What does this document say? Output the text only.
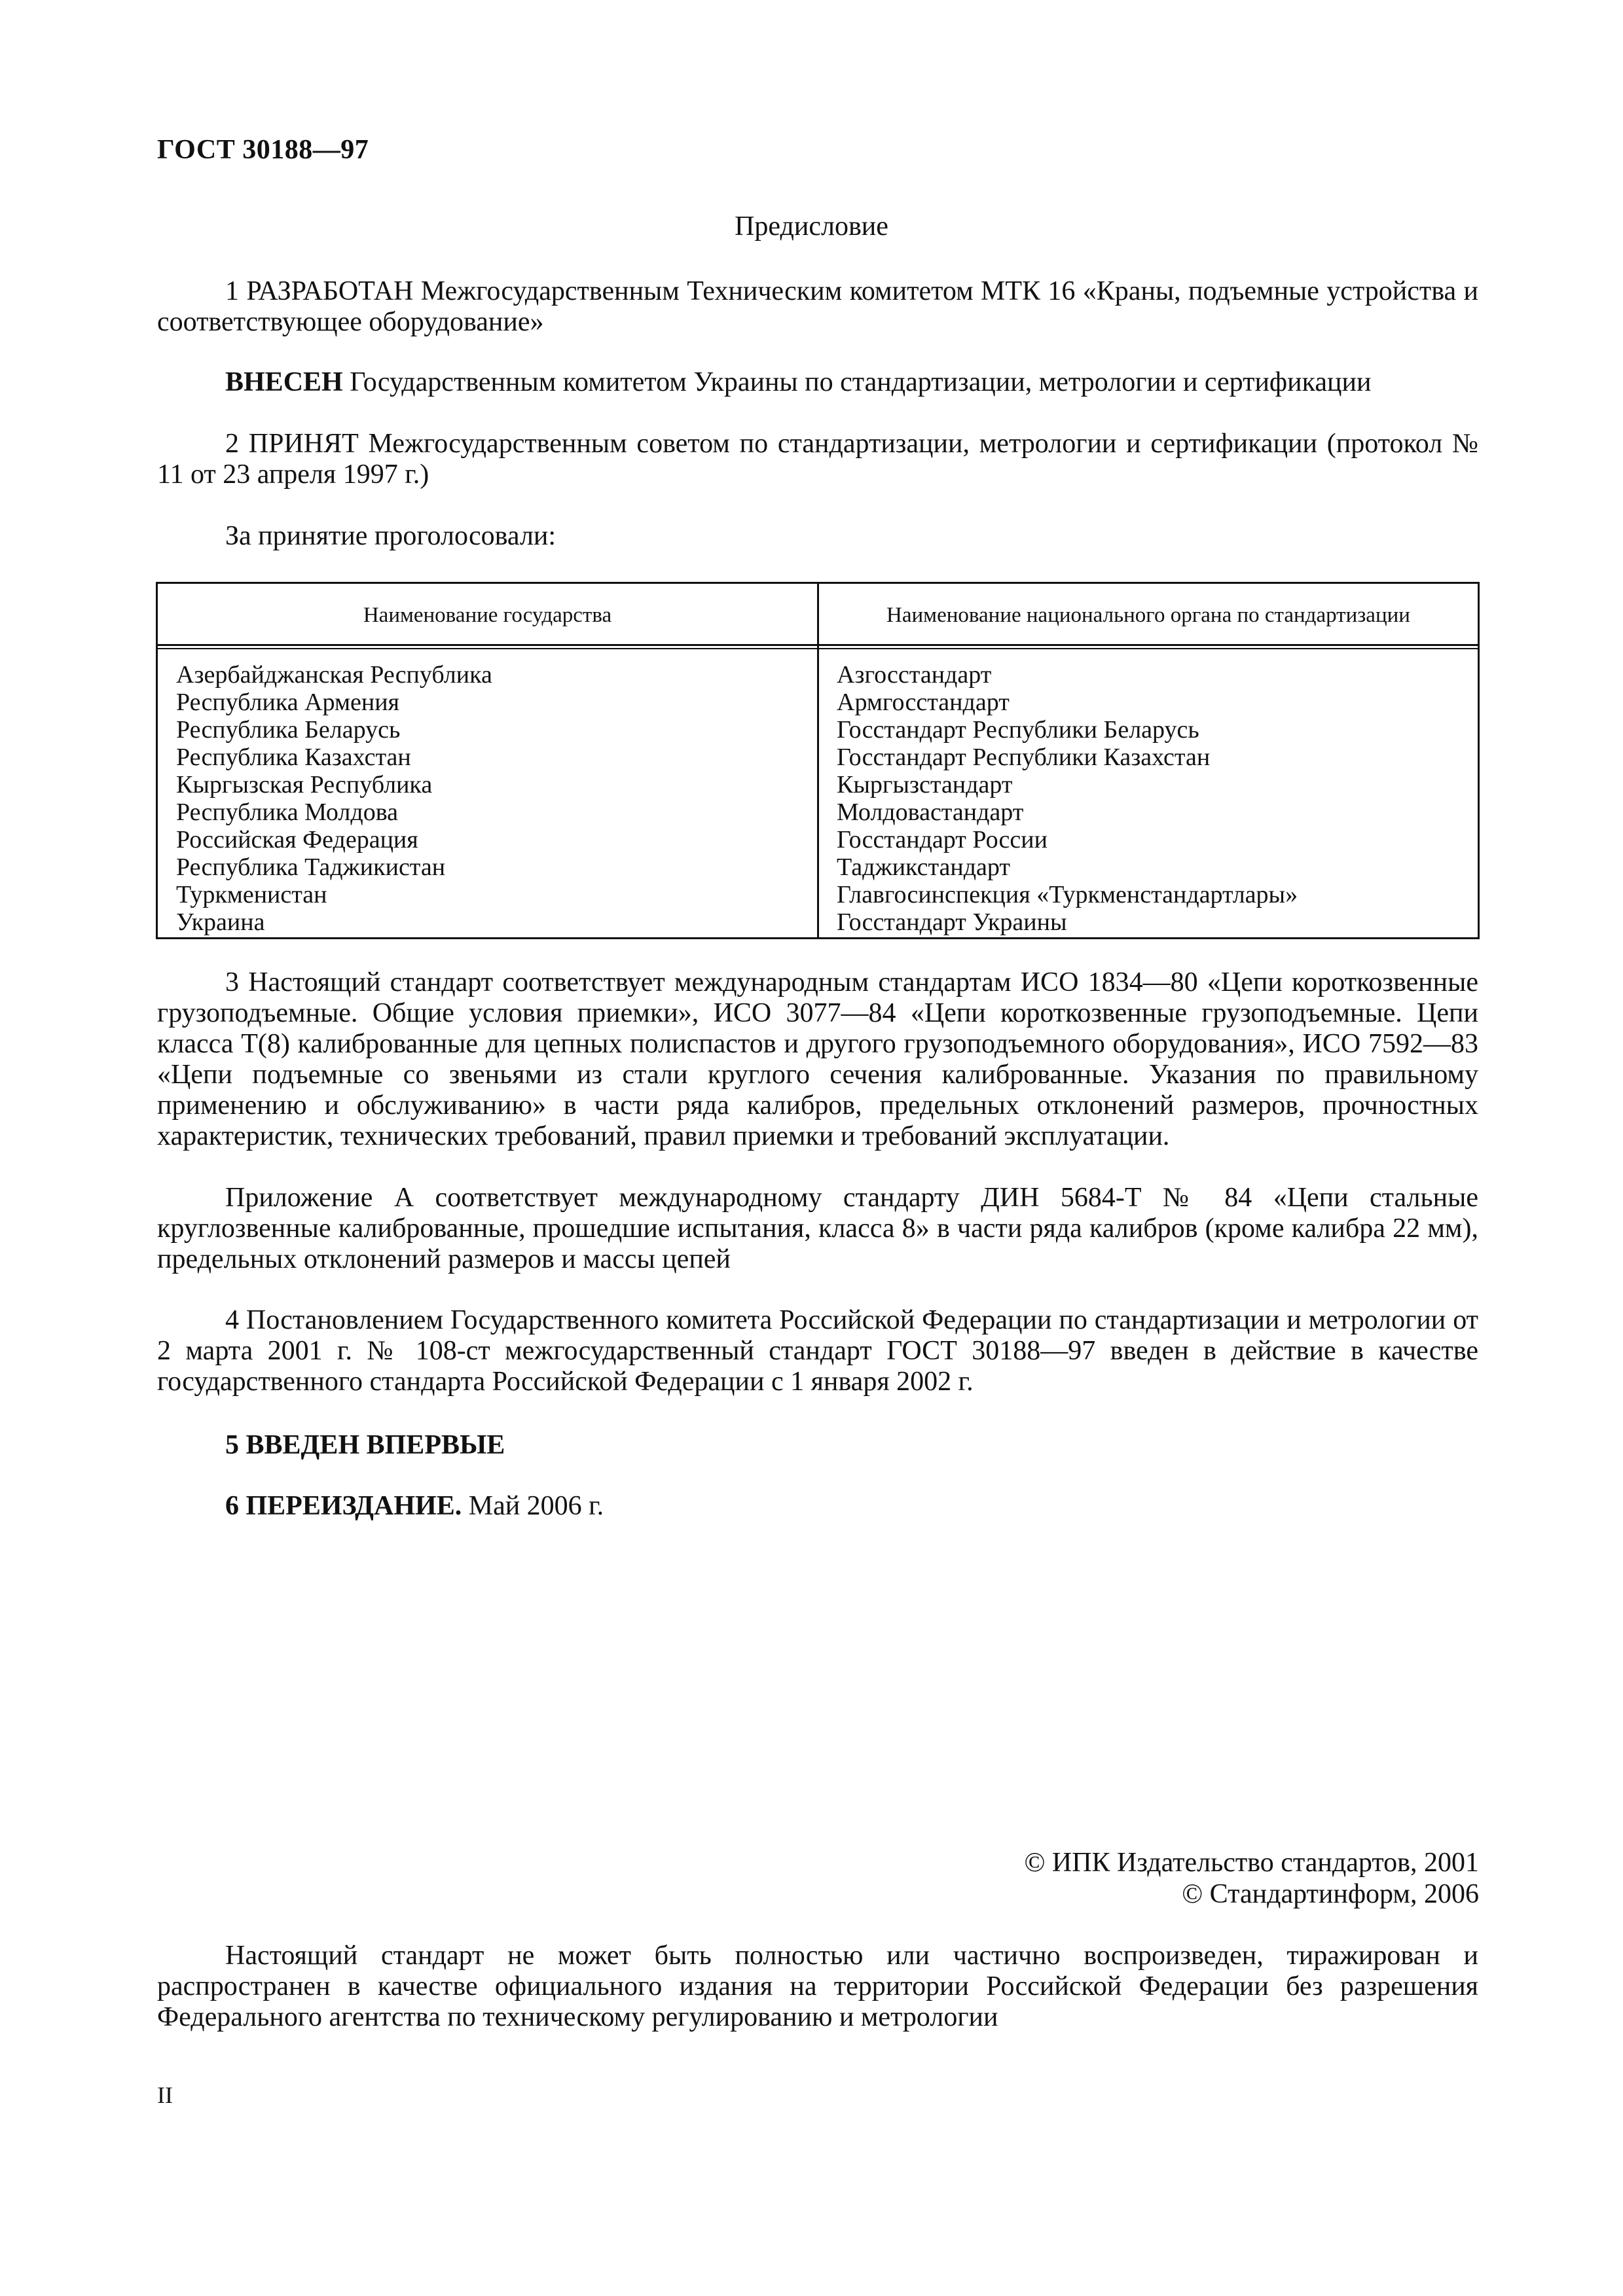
ГОСТ 30188—97
Предисловие
1 РАЗРАБОТАН Межгосударственным Техническим комитетом МТК 16 «Краны, подъемные устройства и соответствующее оборудование»
ВНЕСЕН Государственным комитетом Украины по стандартизации, метрологии и сертификации
2 ПРИНЯТ Межгосударственным советом по стандартизации, метрологии и сертификации (протокол № 11 от 23 апреля 1997 г.)
За принятие проголосовали:
Наименование государства	Наименование национального органа по стандартизации
Азербайджанская Республика
Республика Армения
Республика Беларусь
Республика Казахстан
Кыргызская Республика
Республика Молдова
Российская Федерация
Республика Таджикистан
Туркменистан
Украина
Азгосстандарт
Армгосстандарт
Госстандарт Республики Беларусь
Госстандарт Республики Казахстан
Кыргызстандарт
Молдовастандарт
Госстандарт России
Таджикстандарт
Главгосинспекция «Туркменстандартлары»
Госстандарт Украины
3 Настоящий стандарт соответствует международным стандартам ИСО 1834—80 «Цепи короткозвенные грузоподъемные. Общие условия приемки», ИСО 3077—84 «Цепи короткозвенные грузоподъемные. Цепи класса Т(8) калиброванные для цепных полиспастов и другого грузоподъемного оборудования», ИСО 7592—83 «Цепи подъемные со звеньями из стали круглого сечения калиброванные. Указания по правильному применению и обслуживанию» в части ряда калибров, предельных отклонений размеров, прочностных характеристик, технических требований, правил приемки и требований эксплуатации.
Приложение А соответствует международному стандарту ДИН 5684-Т № 84 «Цепи стальные круглозвенные калиброванные, прошедшие испытания, класса 8» в части ряда калибров (кроме калибра 22 мм), предельных отклонений размеров и массы цепей
4 Постановлением Государственного комитета Российской Федерации по стандартизации и метрологии от 2 марта 2001 г. № 108-ст межгосударственный стандарт ГОСТ 30188—97 введен в действие в качестве государственного стандарта Российской Федерации с 1 января 2002 г.
5 ВВЕДЕН ВПЕРВЫЕ
6 ПЕРЕИЗДАНИЕ. Май 2006 г.
© ИПК Издательство стандартов, 2001
© Стандартинформ, 2006
Настоящий стандарт не может быть полностью или частично воспроизведен, тиражирован и распространен в качестве официального издания на территории Российской Федерации без разрешения Федерального агентства по техническому регулированию и метрологии
II
